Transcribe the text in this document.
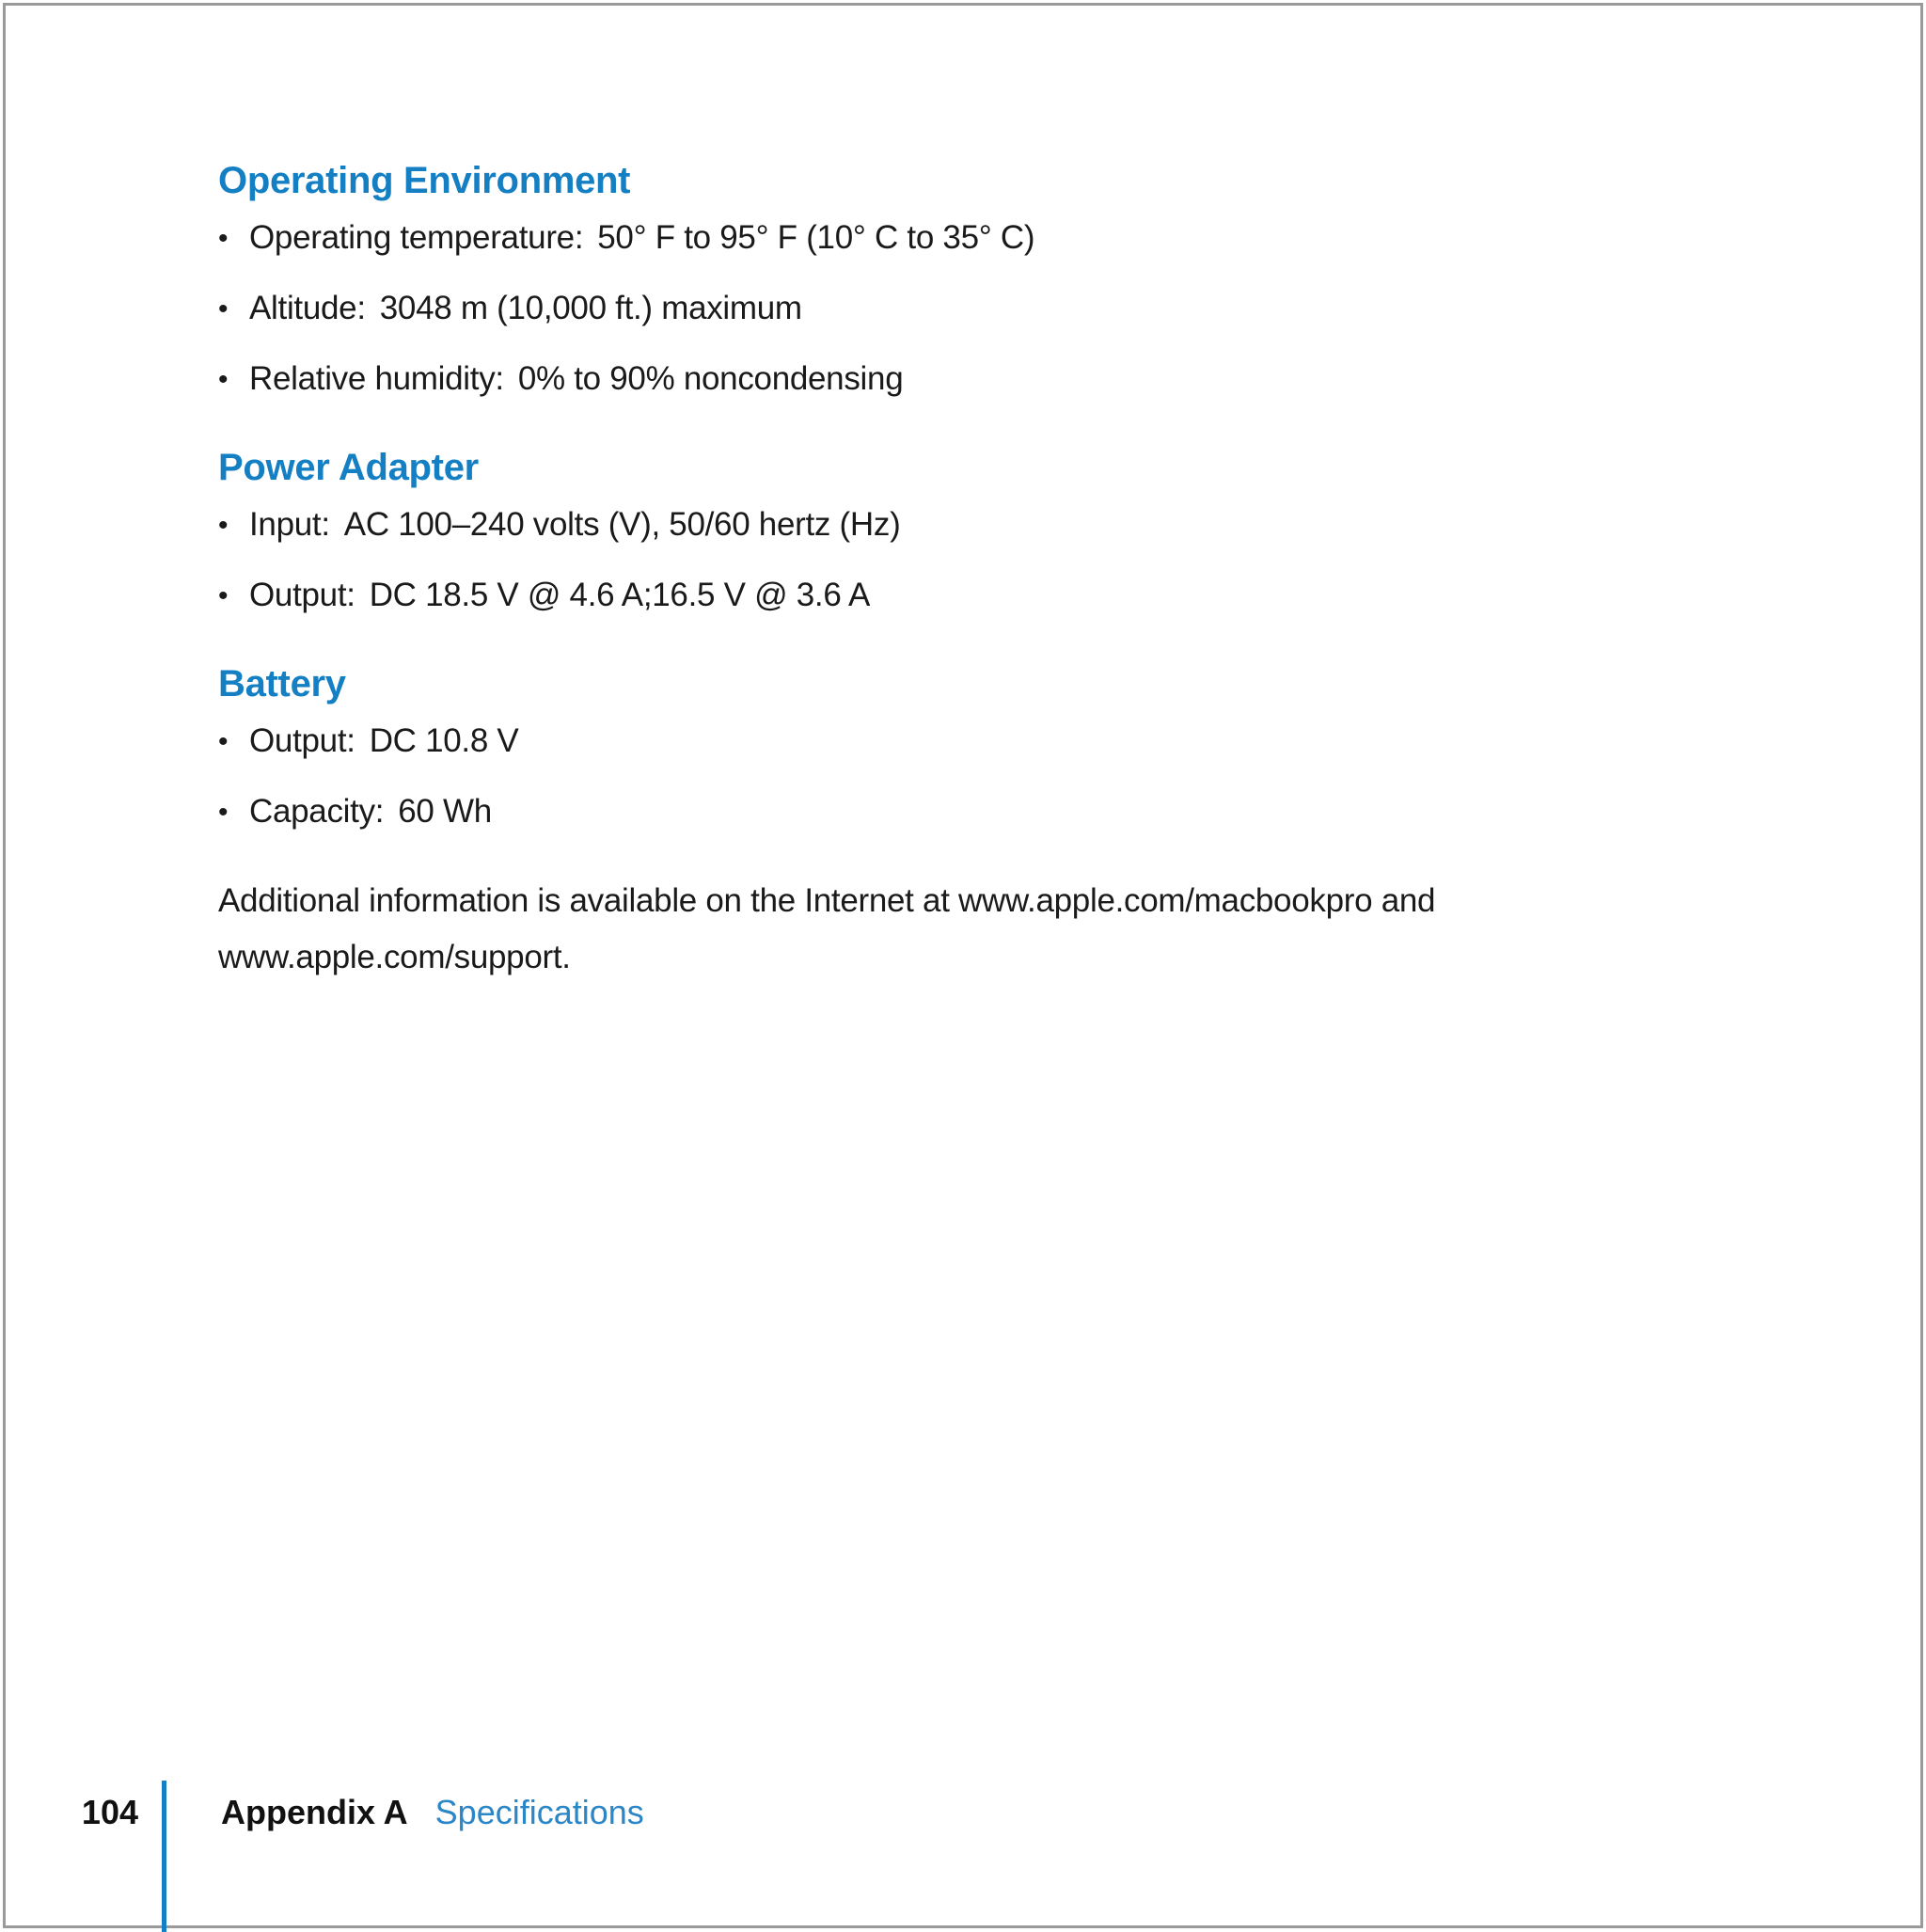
Operating Environment
• Operating temperature: 50° F to 95° F (10° C to 35° C)
• Altitude: 3048 m (10,000 ft.) maximum
• Relative humidity: 0% to 90% noncondensing
Power Adapter
• Input: AC 100–240 volts (V), 50/60 hertz (Hz)
• Output: DC 18.5 V @ 4.6 A;16.5 V @ 3.6 A
Battery
• Output: DC 10.8 V
• Capacity: 60 Wh

Additional information is available on the Internet at www.apple.com/macbookpro and
www.apple.com/support.

104 Appendix A Specifications
